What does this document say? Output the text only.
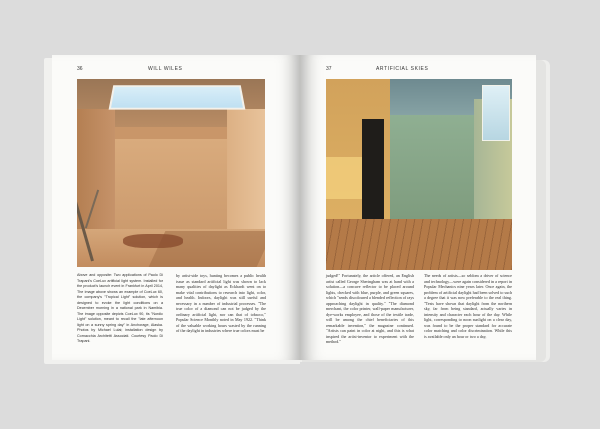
36	WILL WILES

Above and opposite: Two applications of Paolo Di Trapani's CoeLux artificial light system. Installed for the product's launch event in Frankfurt in April 2014, The image above shows an example of CoeLux 60, the company's "Tropical Light" solution, which is designed to evoke the light conditions on a December morning in a national park in Namibia. The image opposite depicts CoeLux 90, its "Nordic Light" solution, meant to recall the "late afternoon light on a sunny spring day" in Anchorage, Alaska. Photos by Michael Lulai; installation design by Cornacchia Architetti Associati. Courtesy Paolo Di Trapani.

by artist-side toys, hunting becomes a public health issue as standard artificial light was shown to lack many qualities of daylight as Eckhardt went on to make vital contributions to research into light, color, and health. Indoors, daylight was still useful and necessary in a number of industrial processes. "The true color of a diamond can not be judged by the ordinary artificial light, nor can that of tobacco," Popular Science Monthly noted in May 1922. "Think of the valuable working hours wasted by the running of the daylight in industries where true colors must be

37	ARTIFICIAL SKIES

judged!" Fortunately, the article offered, an English artist called George Sheringham was at hand with a solution—a concave reflector to be placed around lights, checked with blue, purple, and green squares, which "sends discoloured a blended reflection of rays approaching daylight in quality." "The diamond merchant, the color printer, wall-paper manufacturer, dye-works employee, and those of the textile trade, will be among the chief beneficiaries of this remarkable invention," the magazine continued. "Artists can paint in color at night, and this is what inspired the artist-inventor to experiment with the method."

The needs of artists—so seldom a driver of science and technology—were again considered in a report in Popular Mechanics nine years later. Once again, the problem of artificial daylight had been solved to such a degree that it was now preferable to the real thing. "Tests have shown that daylight from the northern sky, far from being standard, actually varies in intensity and character each hour of the day. While light, corresponding to noon sunlight on a clear day, was found to be the proper standard for accurate color matching and color discrimination. While this is available only an hour or two a day,
